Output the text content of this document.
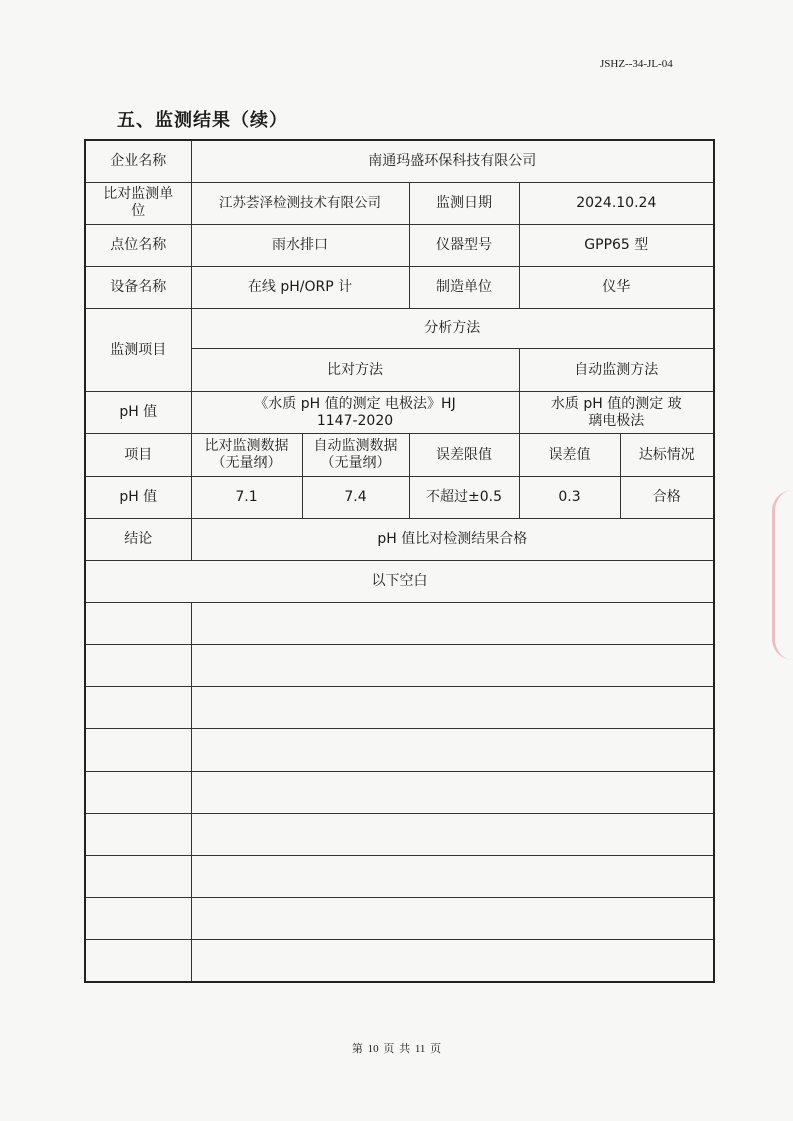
JSHZ--34-JL-04
五、监测结果（续）
企业名称	南通玛盛环保科技有限公司				
比对监测单位	江苏荟泽检测技术有限公司		监测日期	2024.10.24	
点位名称	雨水排口		仪器型号	GPP65 型	
设备名称	在线 pH/ORP 计		制造单位	仪华	
监测项目	分析方法				
	比对方法			自动监测方法	
pH 值	《水质 pH 值的测定 电极法》HJ 1147-2020			水质 pH 值的测定 玻璃电极法	
项目	比对监测数据（无量纲）	自动监测数据（无量纲）	误差限值	误差值	达标情况
pH 值	7.1	7.4	不超过±0.5	0.3	合格
结论	pH 值比对检测结果合格				
以下空白					

第 10 页 共 11 页
